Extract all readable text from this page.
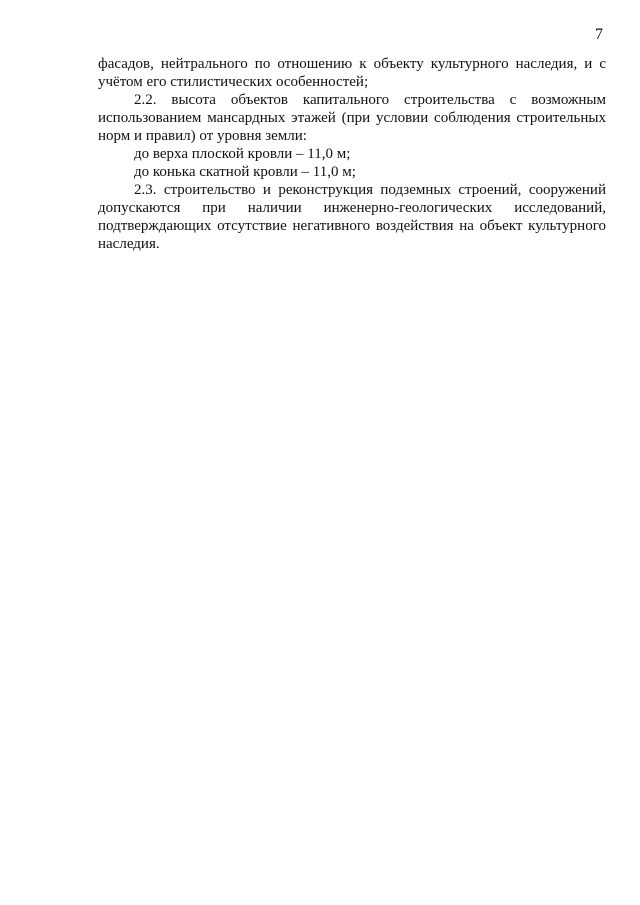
7

фасадов, нейтрального по отношению к объекту культурного наследия, и с учётом его стилистических особенностей;

2.2. высота объектов капитального строительства с возможным использованием мансардных этажей (при условии соблюдения строительных норм и правил) от уровня земли:

до верха плоской кровли – 11,0 м;

до конька скатной кровли – 11,0 м;

2.3. строительство и реконструкция подземных строений, сооружений допускаются при наличии инженерно-геологических исследований, подтверждающих отсутствие негативного воздействия на объект культурного наследия.
